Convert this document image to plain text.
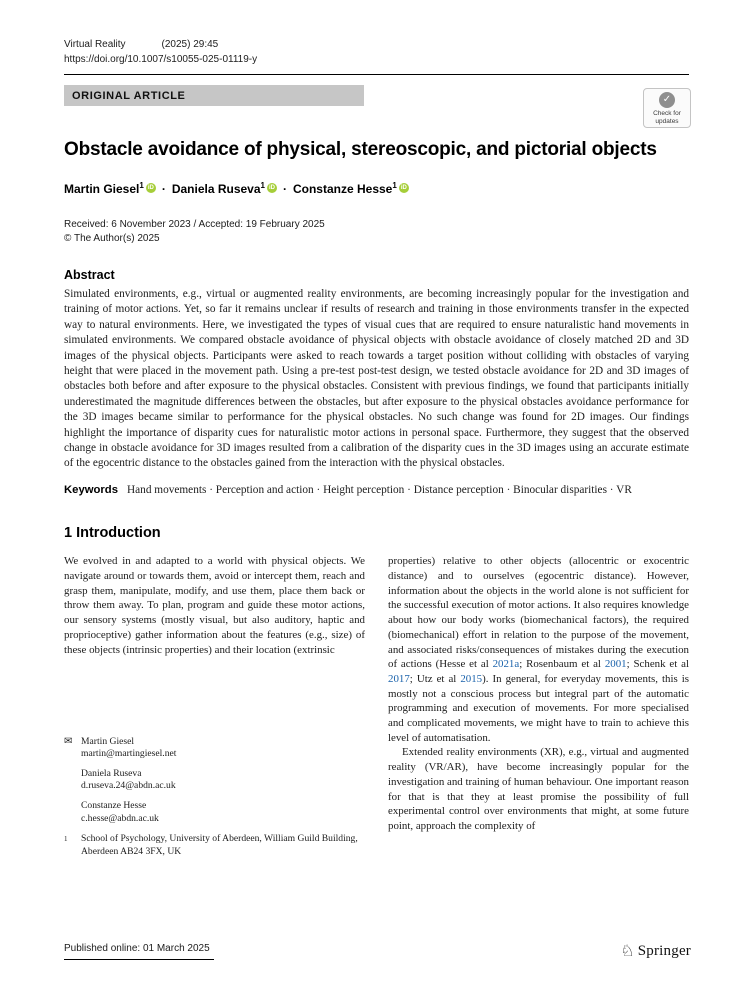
Virtual Reality	(2025) 29:45
https://doi.org/10.1007/s10055-025-01119-y
ORIGINAL ARTICLE	✓
Check for updates
Obstacle avoidance of physical, stereoscopic, and pictorial objects
Martin Giesel$^1$ iD · Daniela Ruseva$^1$ iD · Constanze Hesse$^1$ iD
Received: 6 November 2023 / Accepted: 19 February 2025
© The Author(s) 2025
Abstract

Simulated environments, e.g., virtual or augmented reality environments, are becoming increasingly popular for the investigation and training of motor actions. Yet, so far it remains unclear if results of research and training in those environments transfer in the expected way to natural environments. Here, we investigated the types of visual cues that are required to ensure naturalistic hand movements in simulated environments. We compared obstacle avoidance of physical objects with obstacle avoidance of closely matched 2D and 3D images of the physical objects. Participants were asked to reach towards a target position without colliding with obstacles of varying height that were placed in the movement path. Using a pre-test post-test design, we tested obstacle avoidance for 2D and 3D images of obstacles both before and after exposure to the physical obstacles. Consistent with previous findings, we found that participants initially underestimated the magnitude differences between the obstacles, but after exposure to the physical obstacles avoidance performance for the 3D images became similar to performance for the physical obstacles. No such change was found for 2D images. Our findings highlight the importance of disparity cues for naturalistic motor actions in personal space. Furthermore, they suggest that the observed change in obstacle avoidance for 3D images resulted from a calibration of the disparity cues in the 3D images using an accurate estimate of the egocentric distance to the obstacles gained from the interaction with the physical obstacles.

Keywords Hand movements · Perception and action · Height perception · Distance perception · Binocular disparities · VR
1 Introduction

We evolved in and adapted to a world with physical objects. We navigate around or towards them, avoid or intercept them, reach and grasp them, manipulate, modify, and use them, place them back or throw them away. To plan, program and guide these motor actions, our sensory systems (mostly visual, but also auditory, haptic and proprioceptive) gather information about the features (e.g., size) of these objects (intrinsic properties) and their location (extrinsic

✉ Martin Giesel
martin@martingiesel.net
Daniela Ruseva
d.ruseva.24@abdn.ac.uk
Constanze Hesse
c.hesse@abdn.ac.uk
1	School of Psychology, University of Aberdeen, William Guild Building, Aberdeen AB24 3FX, UK

properties) relative to other objects (allocentric or exocentric distance) and to ourselves (egocentric distance). However, information about the objects in the world alone is not sufficient for the successful execution of motor actions. It also requires knowledge about how our body works (biomechanical factors), the required (biomechanical) effort in relation to the purpose of the movement, and associated risks/consequences of mistakes during the execution of actions (Hesse et al 2021a; Rosenbaum et al 2001; Schenk et al 2017; Utz et al 2015). In general, for everyday movements, this is mostly not a conscious process but integral part of the automatic programming and execution of movements. For more specialised and complicated movements, we might have to train to achieve this level of automatisation.

Extended reality environments (XR), e.g., virtual and augmented reality (VR/AR), have become increasingly popular for the investigation and training of human behaviour. One important reason for that is that they at least promise the possibility of full experimental control over environments that might, at some future point, approach the complexity of

Published online: 01 March 2025	♘ Springer
